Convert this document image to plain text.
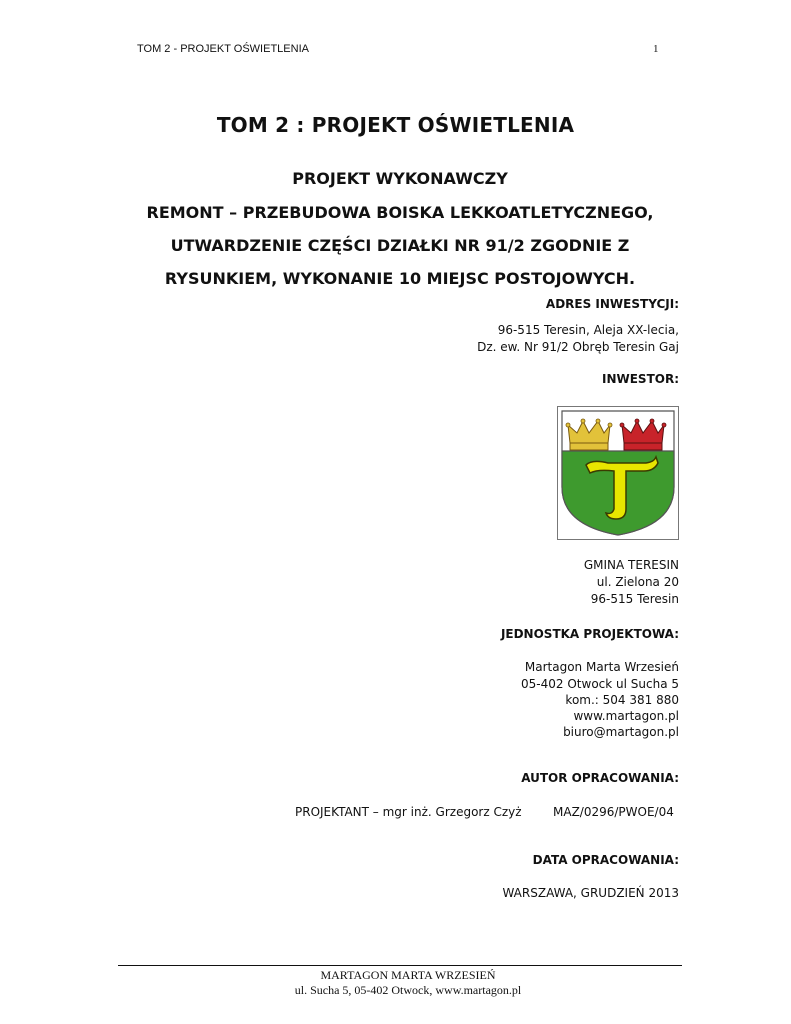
TOM 2 - PROJEKT OŚWIETLENIA	1
TOM 2 : PROJEKT OŚWIETLENIA
PROJEKT WYKONAWCZY
REMONT – PRZEBUDOWA BOISKA LEKKOATLETYCZNEGO,
UTWARDZENIE CZĘŚCI DZIAŁKI NR 91/2 ZGODNIE Z
RYSUNKIEM, WYKONANIE 10 MIEJSC POSTOJOWYCH.
ADRES INWESTYCJI:
96-515 Teresin, Aleja XX-lecia,
Dz. ew. Nr 91/2 Obręb Teresin Gaj
INWESTOR:
GMINA TERESIN
ul. Zielona 20
96-515 Teresin
JEDNOSTKA PROJEKTOWA:
Martagon Marta Wrzesień
05-402 Otwock ul Sucha 5
kom.: 504 381 880
www.martagon.pl
biuro@martagon.pl
AUTOR OPRACOWANIA:
PROJEKTANT – mgr inż. Grzegorz Czyż	MAZ/0296/PWOE/04
DATA OPRACOWANIA:
WARSZAWA, GRUDZIEŃ 2013
MARTAGON MARTA WRZESIEŃ
ul. Sucha 5, 05-402 Otwock, www.martagon.pl
